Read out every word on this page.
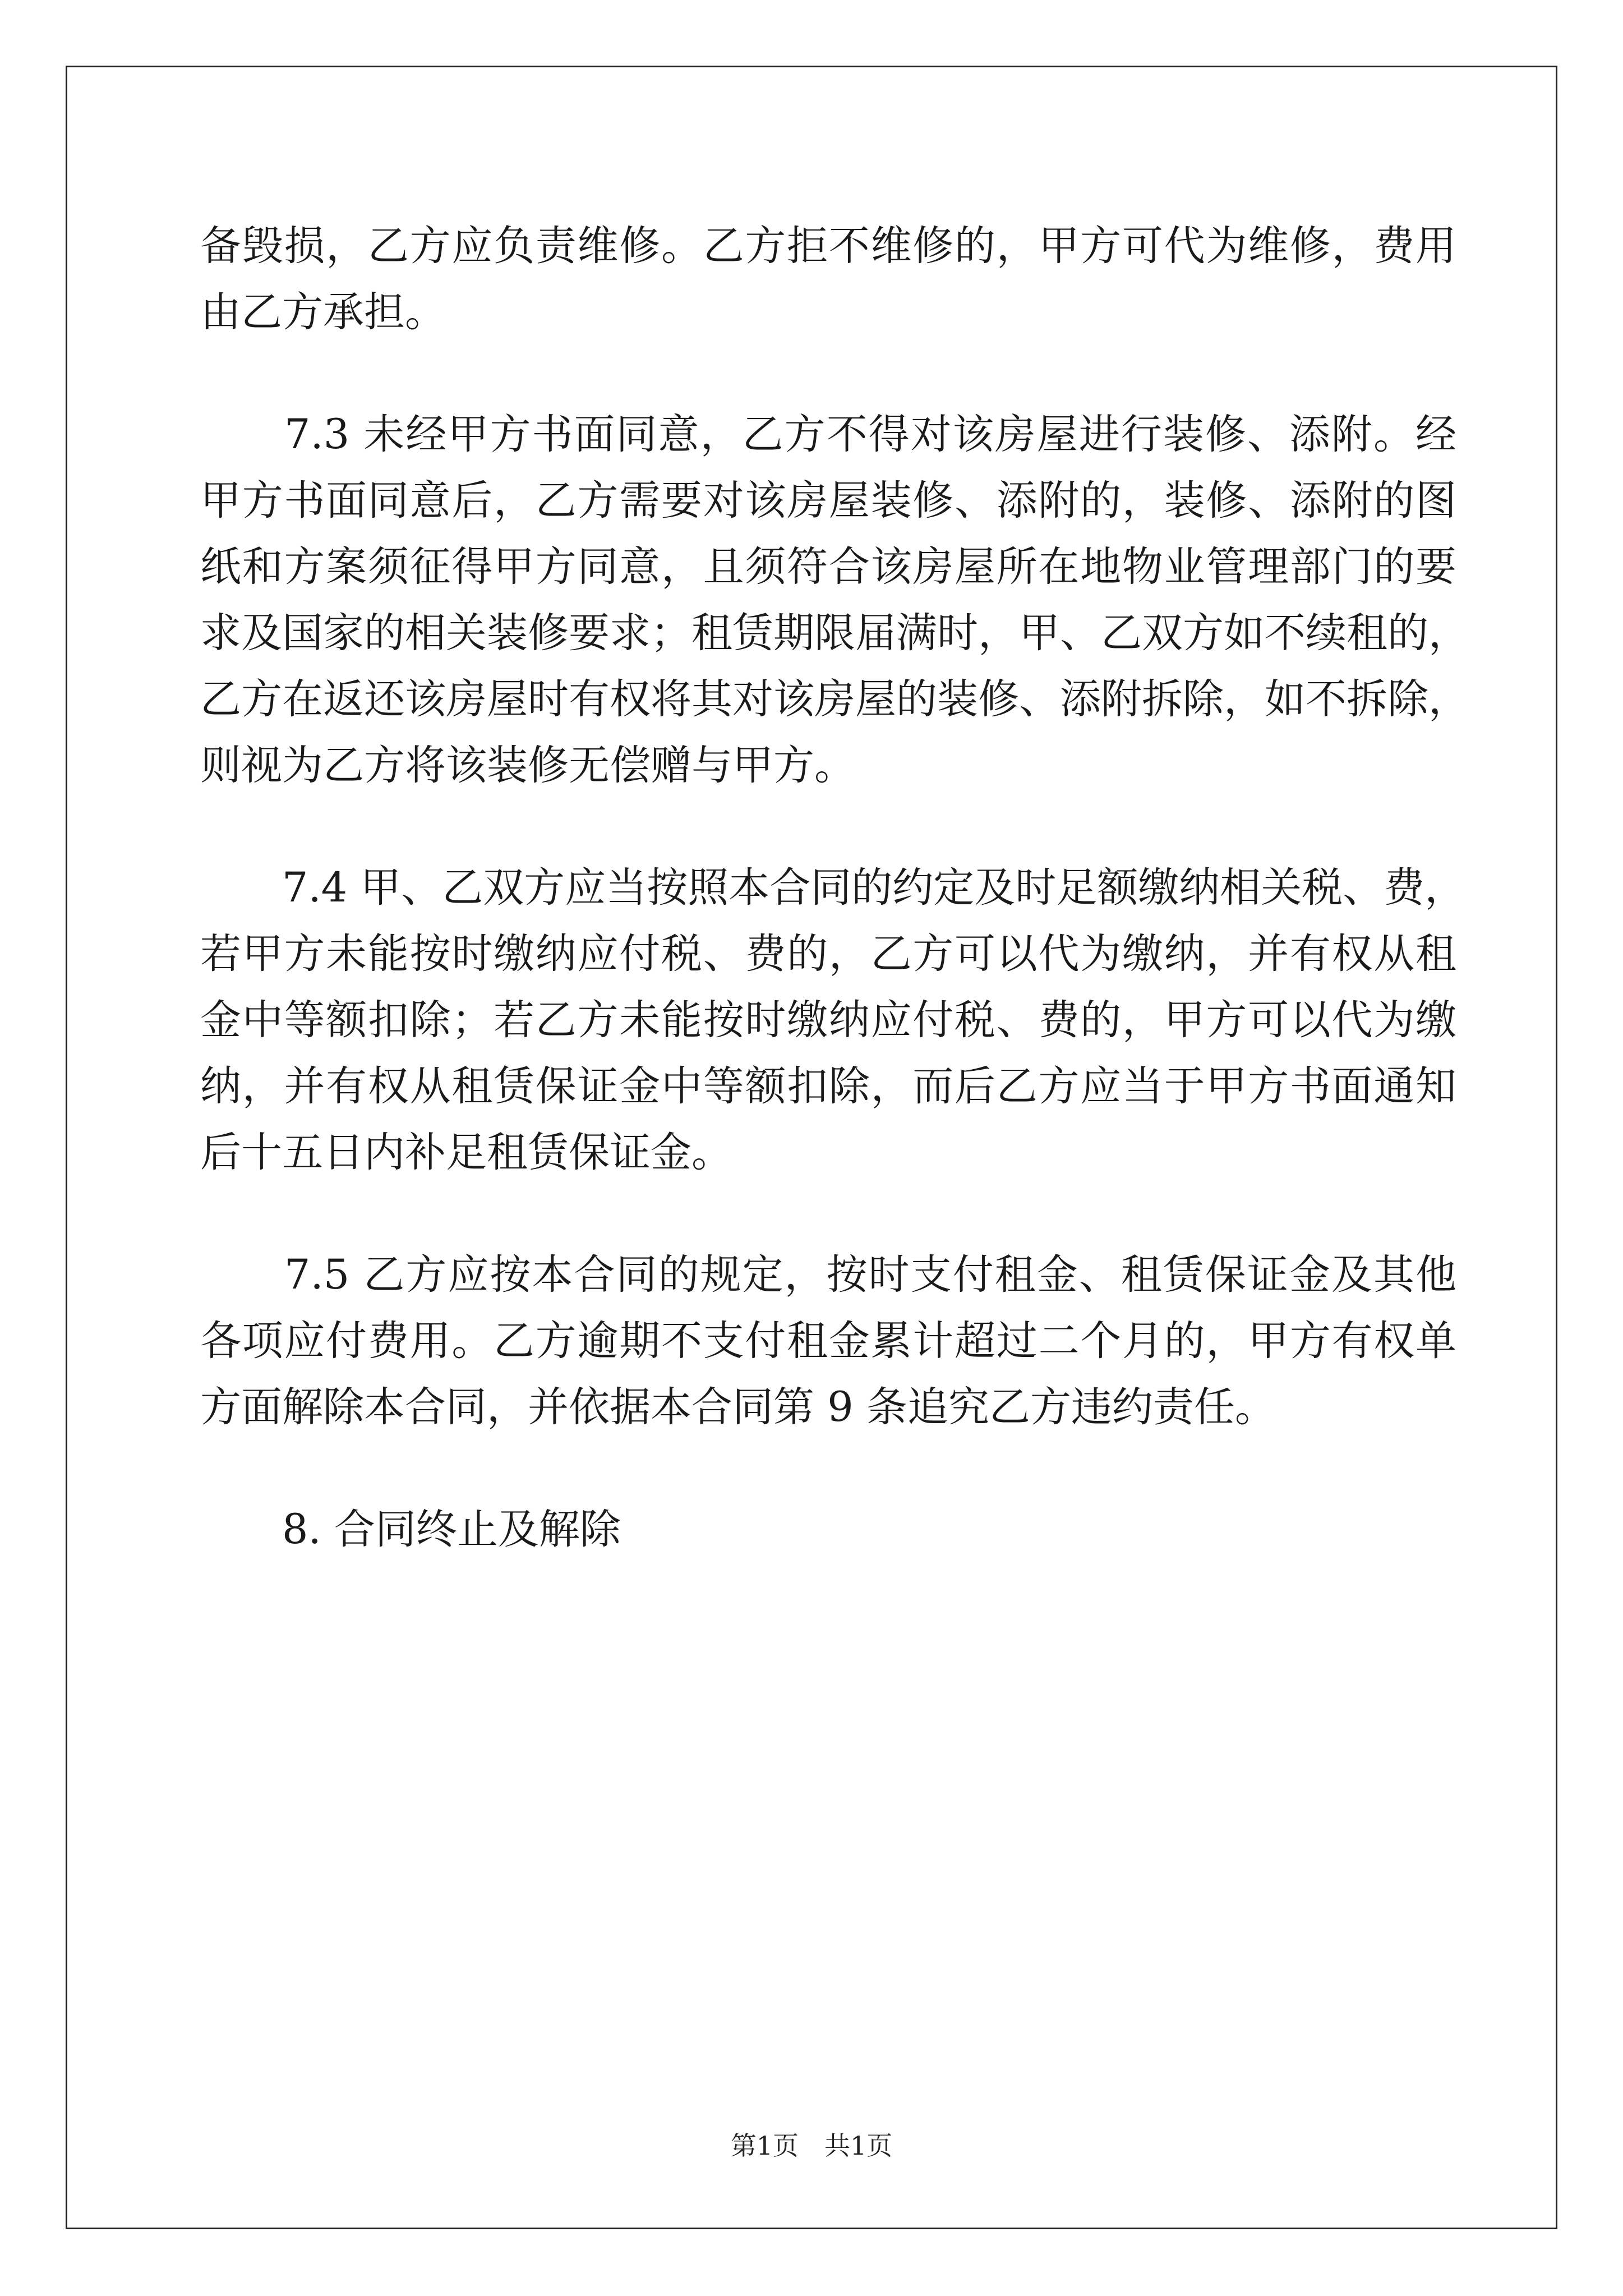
备毁损，乙方应负责维修。乙方拒不维修的，甲方可代为维修，费用
由乙方承担。
　　7.3 未经甲方书面同意，乙方不得对该房屋进行装修、添附。经
甲方书面同意后，乙方需要对该房屋装修、添附的，装修、添附的图
纸和方案须征得甲方同意，且须符合该房屋所在地物业管理部门的要
求及国家的相关装修要求；租赁期限届满时，甲、乙双方如不续租的，
乙方在返还该房屋时有权将其对该房屋的装修、添附拆除，如不拆除，
则视为乙方将该装修无偿赠与甲方。
　　7.4 甲、乙双方应当按照本合同的约定及时足额缴纳相关税、费，
若甲方未能按时缴纳应付税、费的，乙方可以代为缴纳，并有权从租
金中等额扣除；若乙方未能按时缴纳应付税、费的，甲方可以代为缴
纳，并有权从租赁保证金中等额扣除，而后乙方应当于甲方书面通知
后十五日内补足租赁保证金。
　　7.5 乙方应按本合同的规定，按时支付租金、租赁保证金及其他
各项应付费用。乙方逾期不支付租金累计超过二个月的，甲方有权单
方面解除本合同，并依据本合同第 9 条追究乙方违约责任。
　　8. 合同终止及解除
第1页　共1页
